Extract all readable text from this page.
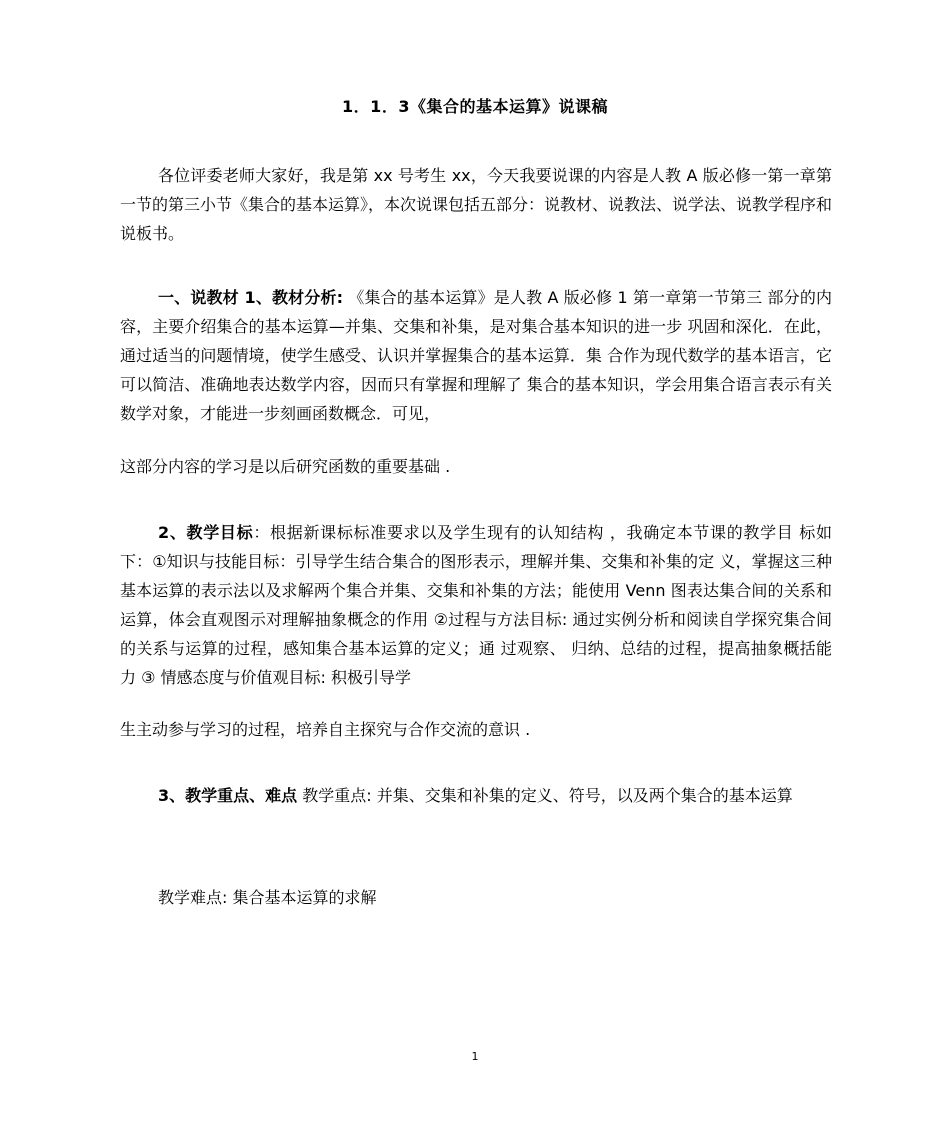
1．1．3《集合的基本运算》说课稿

各位评委老师大家好，我是第 xx 号考生 xx，今天我要说课的内容是人教 A 版必修一第一章第一节的第三小节《集合的基本运算》，本次说课包括五部分：说教材、说教法、说学法、说教学程序和说板书。

一、说教材 1、教材分析: 《集合的基本运算》是人教 A 版必修 1 第一章第一节第三 部分的内容，主要介绍集合的基本运算—并集、交集和补集，是对集合基本知识的进一步 巩固和深化．在此，通过适当的问题情境，使学生感受、认识并掌握集合的基本运算．集 合作为现代数学的基本语言，它可以简洁、准确地表达数学内容，因而只有掌握和理解了 集合的基本知识，学会用集合语言表示有关数学对象，才能进一步刻画函数概念．可见，

这部分内容的学习是以后研究函数的重要基础 .

2、教学目标：根据新课标标准要求以及学生现有的认知结构 ，我确定本节课的教学目 标如下：①知识与技能目标：引导学生结合集合的图形表示，理解并集、交集和补集的定 义，掌握这三种基本运算的表示法以及求解两个集合并集、交集和补集的方法；能使用 Venn 图表达集合间的关系和运算，体会直观图示对理解抽象概念的作用 ②过程与方法目标: 通过实例分析和阅读自学探究集合间的关系与运算的过程，感知集合基本运算的定义；通 过观察、 归纳、总结的过程，提高抽象概括能力 ③ 情感态度与价值观目标: 积极引导学

生主动参与学习的过程，培养自主探究与合作交流的意识 .

3、教学重点、难点 教学重点: 并集、交集和补集的定义、符号，以及两个集合的基本运算

教学难点: 集合基本运算的求解
1
